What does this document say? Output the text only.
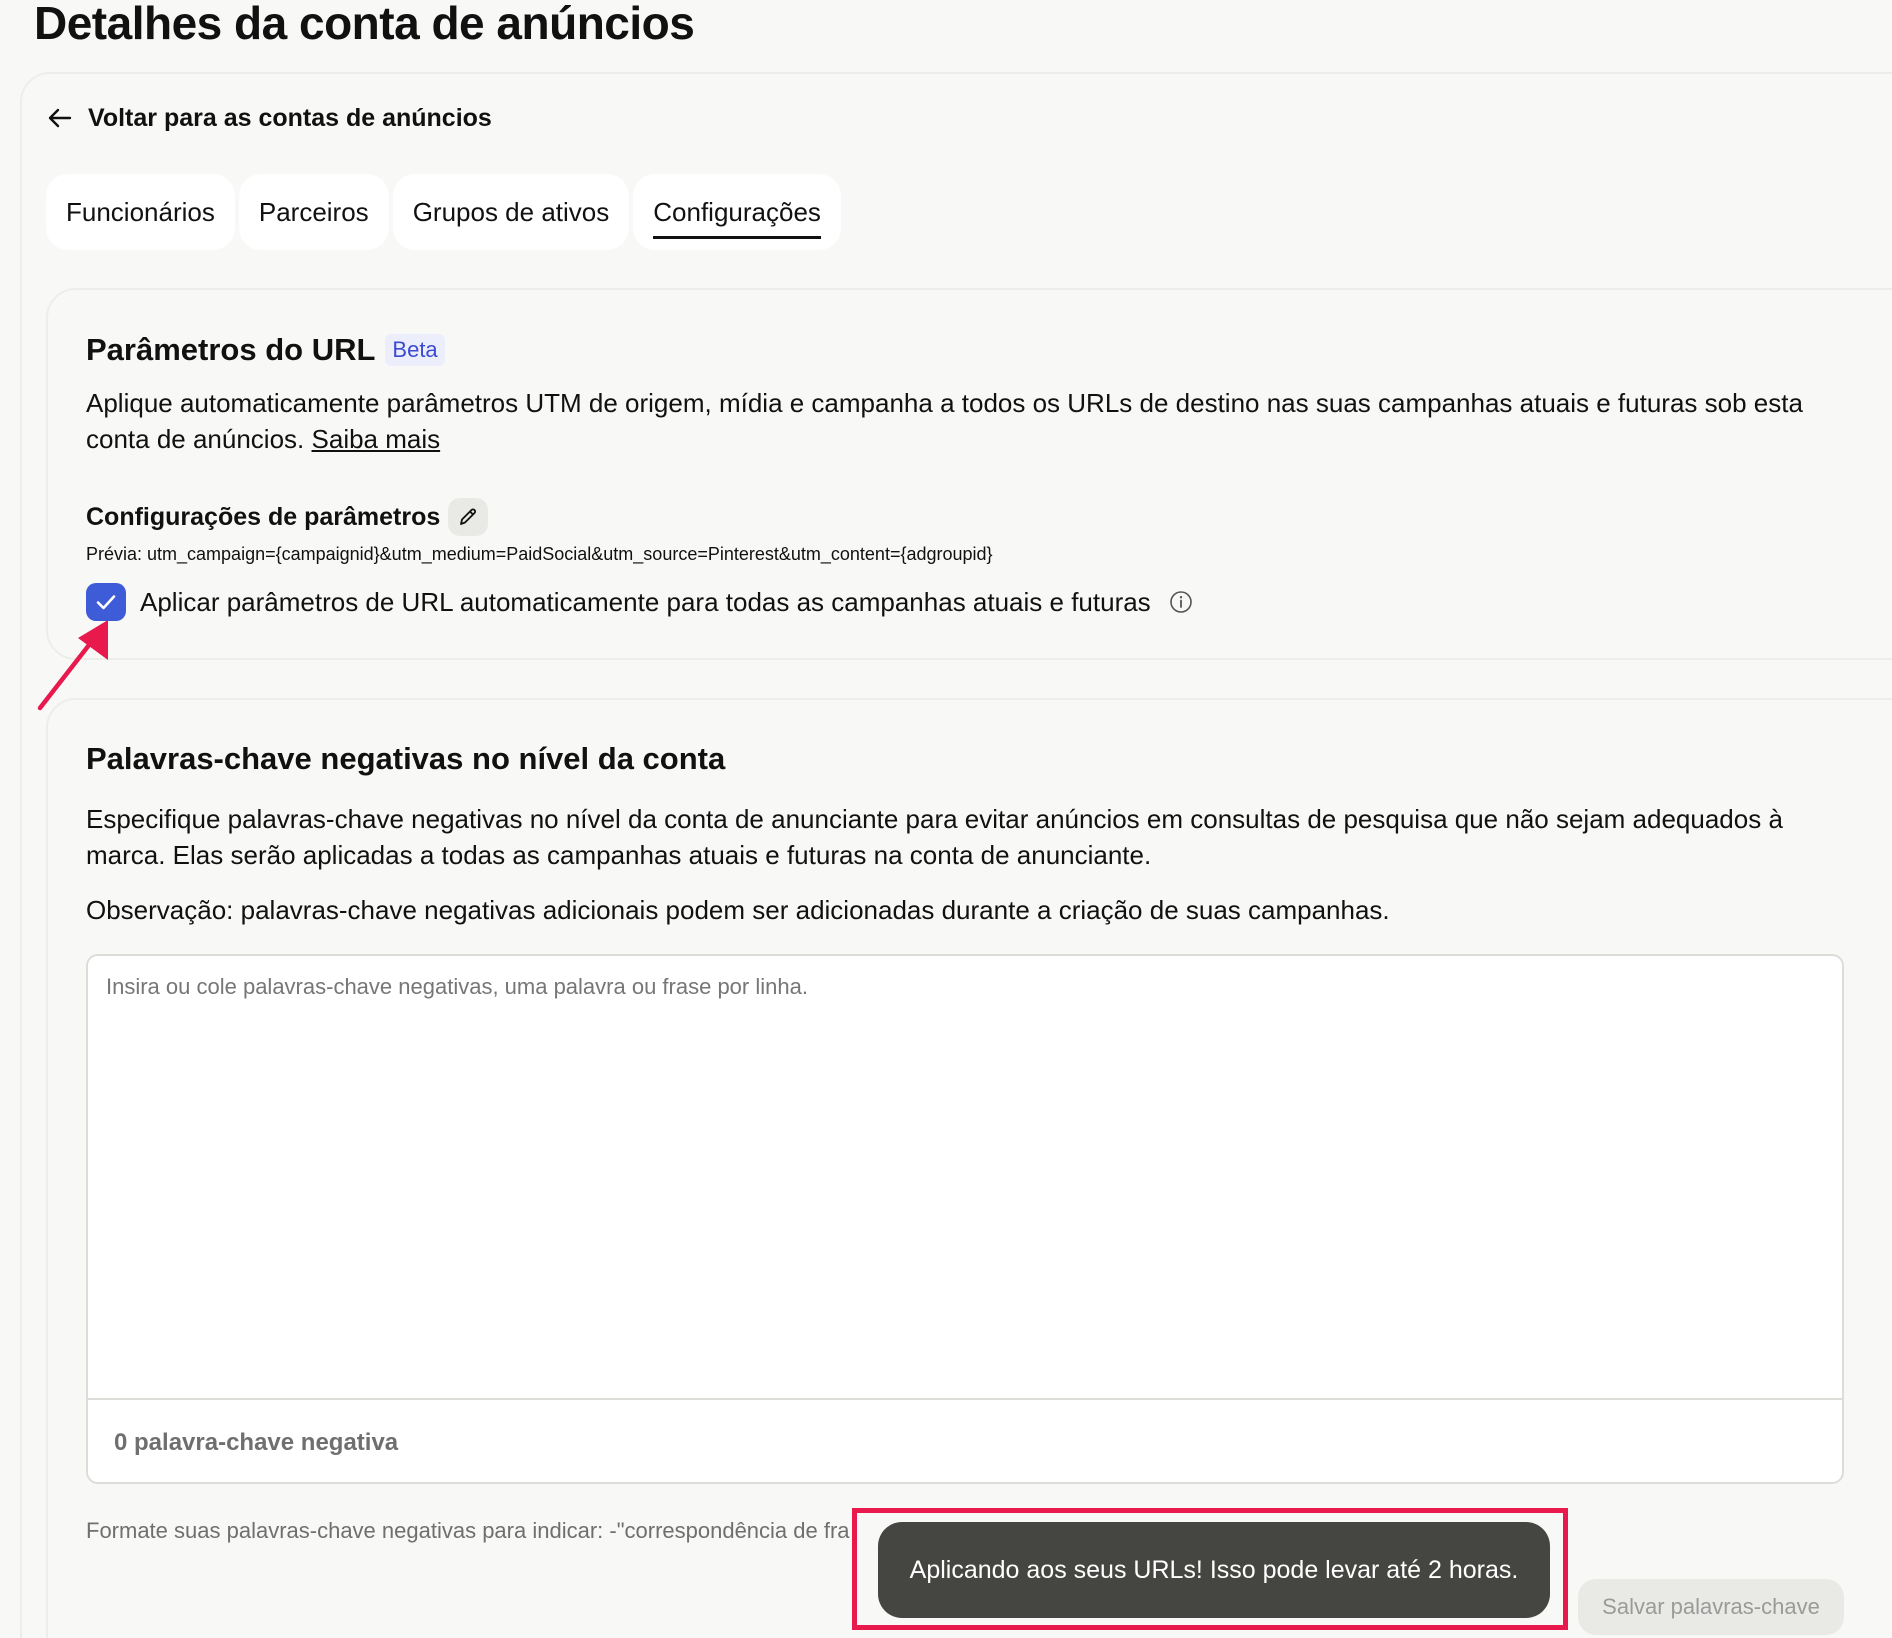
Detalhes da conta de anúncios
Voltar para as contas de anúncios
Funcionários Parceiros Grupos de ativos Configurações
Parâmetros do URL Beta
Aplique automaticamente parâmetros UTM de origem, mídia e campanha a todos os URLs de destino nas suas campanhas atuais e futuras sob esta conta de anúncios. Saiba mais
Configurações de parâmetros
Prévia: utm_campaign={campaignid}&utm_medium=PaidSocial&utm_source=Pinterest&utm_content={adgroupid}
Aplicar parâmetros de URL automaticamente para todas as campanhas atuais e futuras
Palavras-chave negativas no nível da conta
Especifique palavras-chave negativas no nível da conta de anunciante para evitar anúncios em consultas de pesquisa que não sejam adequados à marca. Elas serão aplicadas a todas as campanhas atuais e futuras na conta de anunciante.
Observação: palavras-chave negativas adicionais podem ser adicionadas durante a criação de suas campanhas.
Insira ou cole palavras-chave negativas, uma palavra ou frase por linha.
0 palavra-chave negativa
Formate suas palavras-chave negativas para indicar: -"correspondência de fra
Salvar palavras-chave
Aplicando aos seus URLs! Isso pode levar até 2 horas.
